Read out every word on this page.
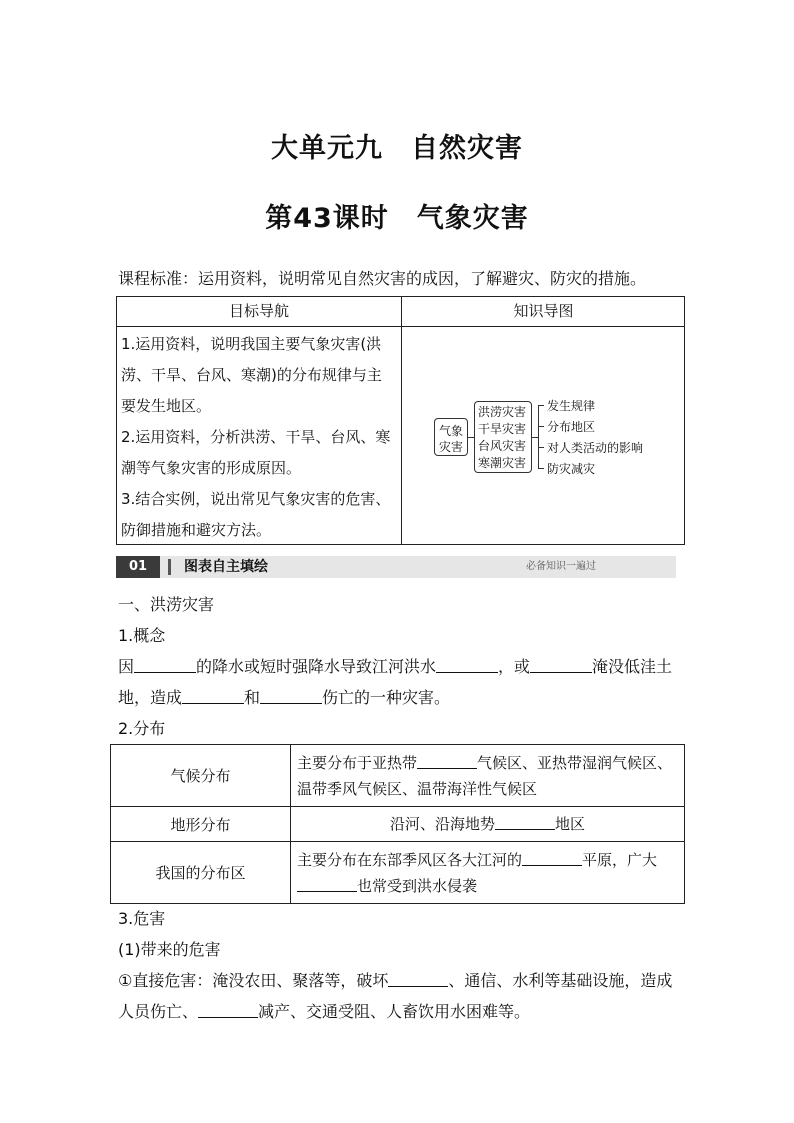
大单元九　自然灾害
第43课时　气象灾害
课程标准：运用资料，说明常见自然灾害的成因，了解避灾、防灾的措施。
目标导航	知识导图
1.运用资料，说明我国主要气象灾害(洪
涝、干旱、台风、寒潮)的分布规律与主
要发生地区。
2.运用资料，分析洪涝、干旱、台风、寒
潮等气象灾害的形成原因。
3.结合实例，说出常见气象灾害的危害、
防御措施和避灾方法。
气象
灾害
洪涝灾害
干旱灾害
台风灾害
寒潮灾害
发生规律
分布地区
对人类活动的影响
防灾减灾
01	图表自主填绘	必备知识一遍过
一、洪涝灾害
1.概念
因	的降水或短时强降水导致江河洪水	，或	淹没低洼土
地，造成	和	伤亡的一种灾害。
2.分布
气候分布	主要分布于亚热带 气候区、亚热带湿润气候区、
温带季风气候区、温带海洋性气候区
地形分布	沿河、沿海地势 地区
我国的分布区	主要分布在东部季风区各大江河的 平原，广大
也常受到洪水侵袭
3.危害
(1)带来的危害
①直接危害：淹没农田、聚落等，破坏	、通信、水利等基础设施，造成
人员伤亡、	减产、交通受阻、人畜饮用水困难等。
